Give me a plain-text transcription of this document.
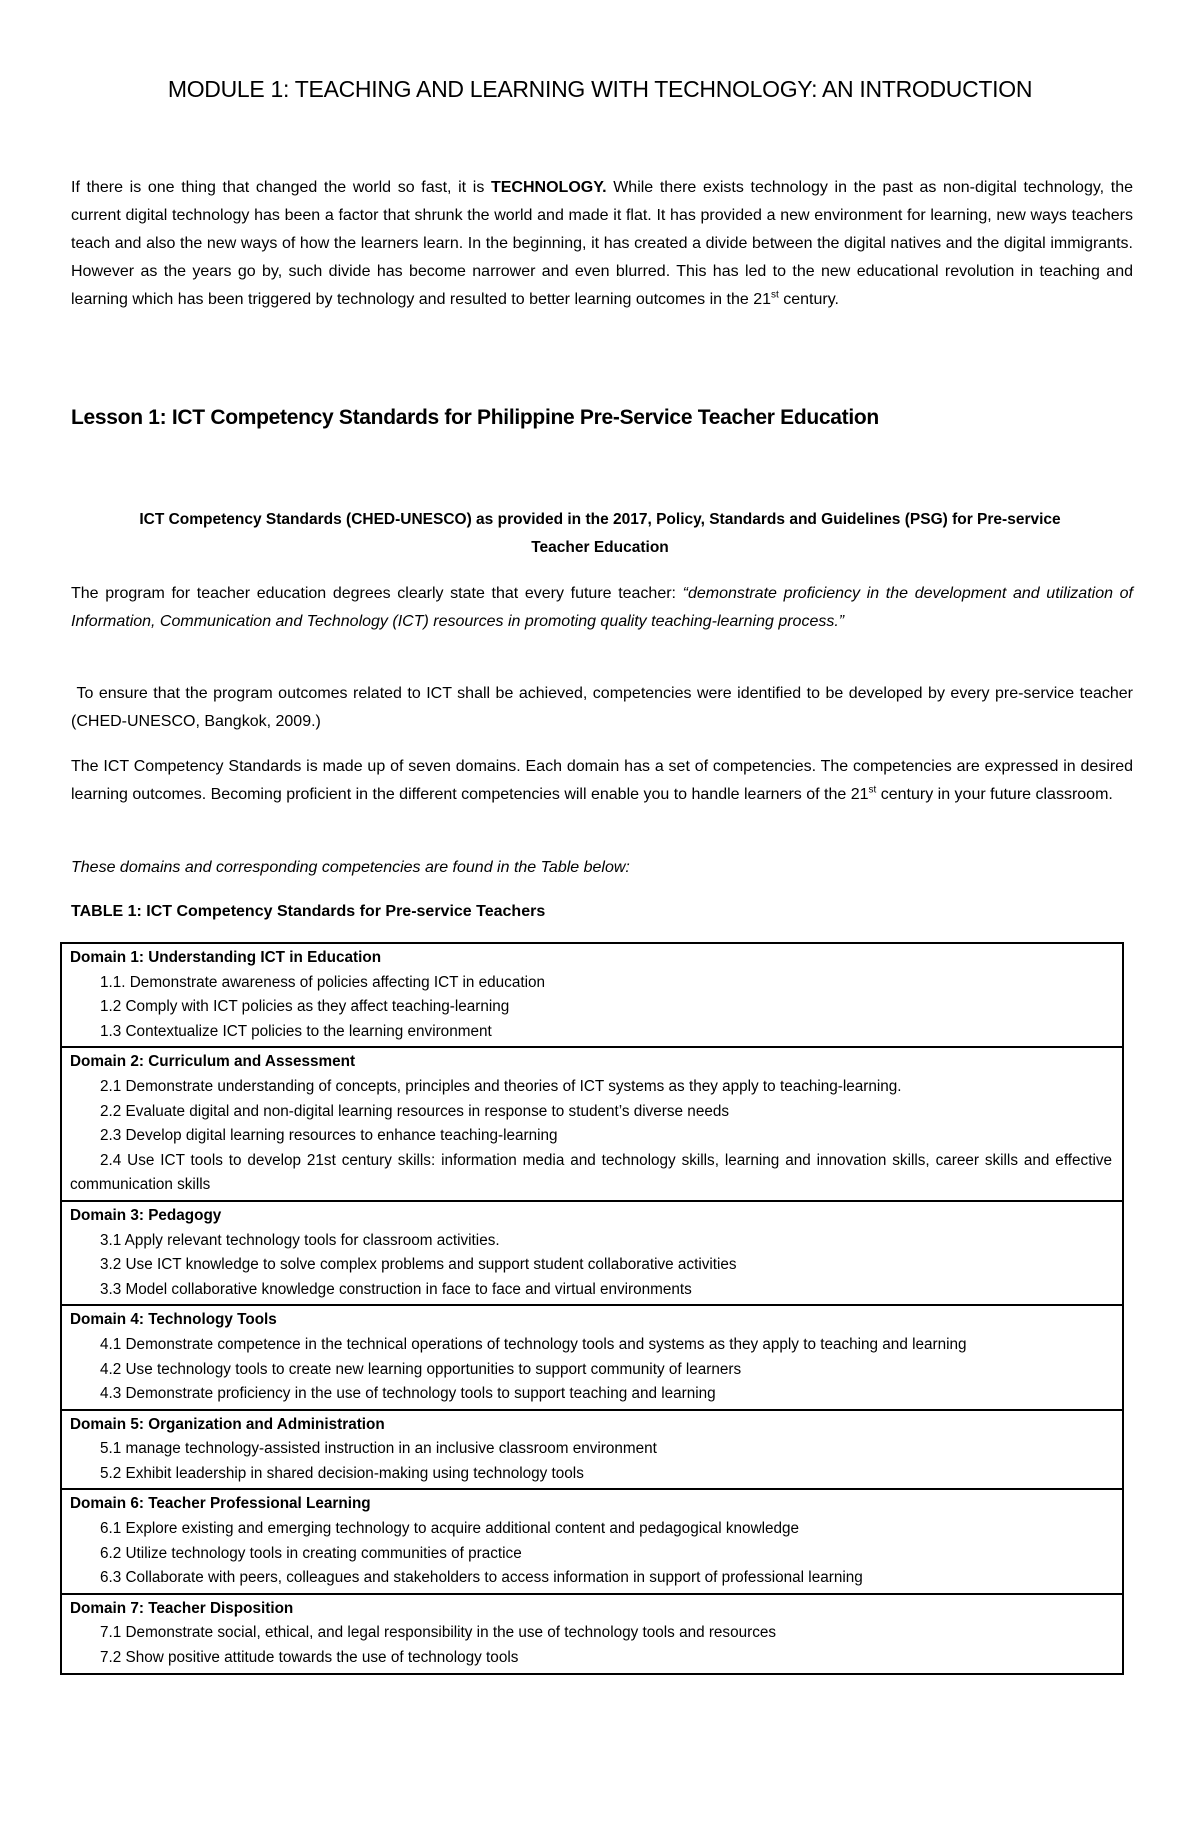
MODULE 1: TEACHING AND LEARNING WITH TECHNOLOGY: AN INTRODUCTION

If there is one thing that changed the world so fast, it is TECHNOLOGY. While there exists technology in the past as non-digital technology, the current digital technology has been a factor that shrunk the world and made it flat. It has provided a new environment for learning, new ways teachers teach and also the new ways of how the learners learn. In the beginning, it has created a divide between the digital natives and the digital immigrants. However as the years go by, such divide has become narrower and even blurred. This has led to the new educational revolution in teaching and learning which has been triggered by technology and resulted to better learning outcomes in the 21st century.

Lesson 1: ICT Competency Standards for Philippine Pre-Service Teacher Education
ICT Competency Standards (CHED-UNESCO) as provided in the 2017, Policy, Standards and Guidelines (PSG) for Pre-service Teacher Education

The program for teacher education degrees clearly state that every future teacher: “demonstrate proficiency in the development and utilization of Information, Communication and Technology (ICT) resources in promoting quality teaching-learning process.”

To ensure that the program outcomes related to ICT shall be achieved, competencies were identified to be developed by every pre-service teacher (CHED-UNESCO, Bangkok, 2009.)

The ICT Competency Standards is made up of seven domains. Each domain has a set of competencies. The competencies are expressed in desired learning outcomes. Becoming proficient in the different competencies will enable you to handle learners of the 21st century in your future classroom.

These domains and corresponding competencies are found in the Table below:

TABLE 1: ICT Competency Standards for Pre-service Teachers

Domain 1: Understanding ICT in Education
1.1. Demonstrate awareness of policies affecting ICT in education
1.2 Comply with ICT policies as they affect teaching-learning
1.3 Contextualize ICT policies to the learning environment

Domain 2: Curriculum and Assessment
2.1 Demonstrate understanding of concepts, principles and theories of ICT systems as they apply to teaching-learning.
2.2 Evaluate digital and non-digital learning resources in response to student’s diverse needs
2.3 Develop digital learning resources to enhance teaching-learning
2.4 Use ICT tools to develop 21st century skills: information media and technology skills, learning and innovation skills, career skills and effective communication skills

Domain 3: Pedagogy
3.1 Apply relevant technology tools for classroom activities.
3.2 Use ICT knowledge to solve complex problems and support student collaborative activities
3.3 Model collaborative knowledge construction in face to face and virtual environments

Domain 4: Technology Tools
4.1 Demonstrate competence in the technical operations of technology tools and systems as they apply to teaching and learning
4.2 Use technology tools to create new learning opportunities to support community of learners
4.3 Demonstrate proficiency in the use of technology tools to support teaching and learning

Domain 5: Organization and Administration
5.1 manage technology-assisted instruction in an inclusive classroom environment
5.2 Exhibit leadership in shared decision-making using technology tools

Domain 6: Teacher Professional Learning
6.1 Explore existing and emerging technology to acquire additional content and pedagogical knowledge
6.2 Utilize technology tools in creating communities of practice
6.3 Collaborate with peers, colleagues and stakeholders to access information in support of professional learning

Domain 7: Teacher Disposition
7.1 Demonstrate social, ethical, and legal responsibility in the use of technology tools and resources
7.2 Show positive attitude towards the use of technology tools
